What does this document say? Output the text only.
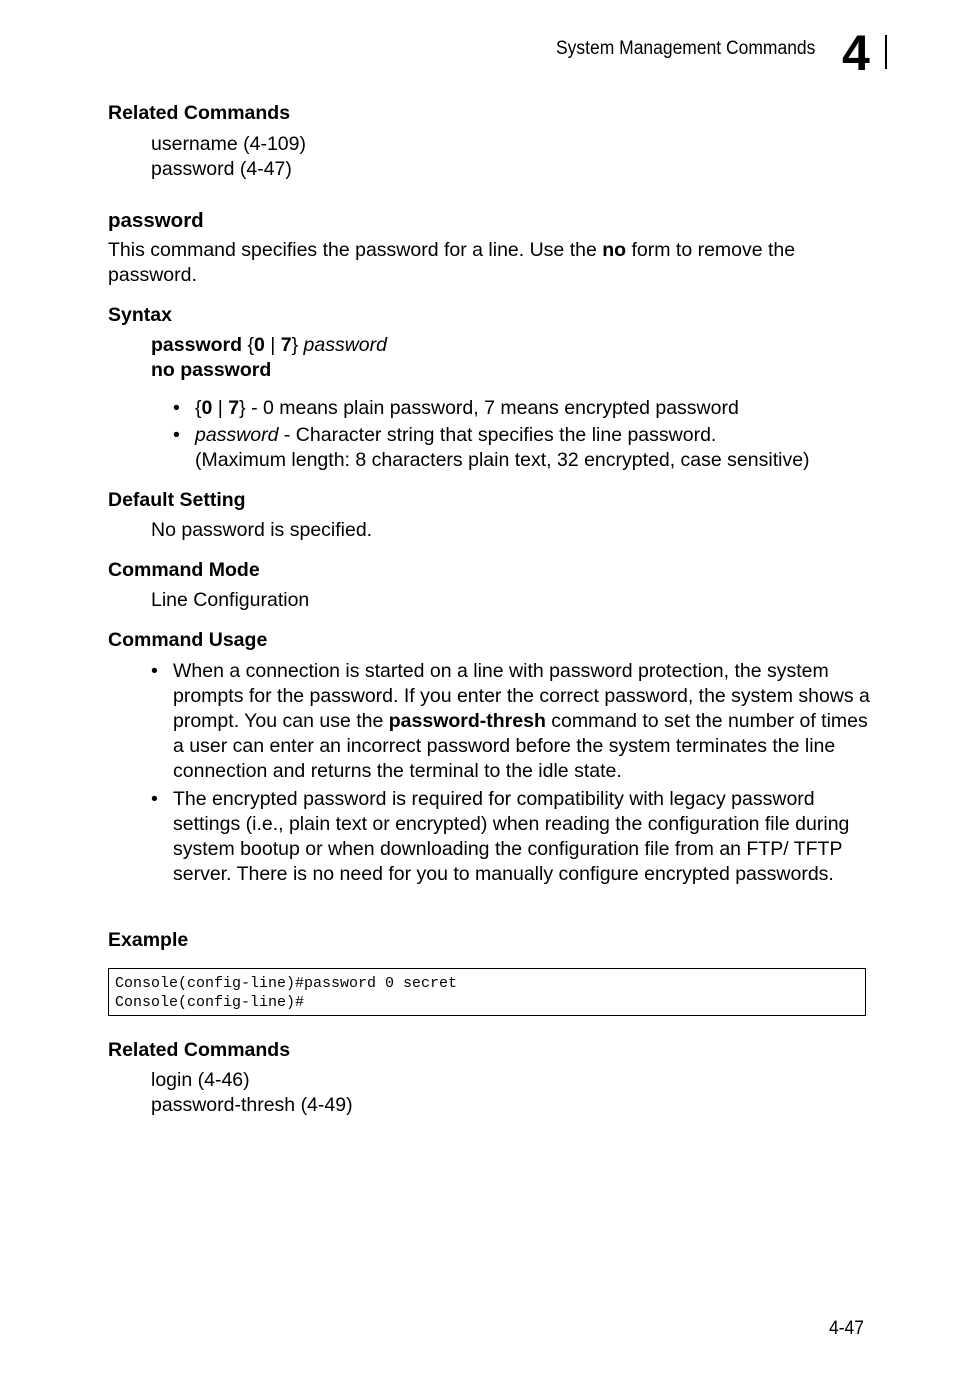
System Management Commands 4
Related Commands
username (4-109)
password (4-47)
password
This command specifies the password for a line. Use the no form to remove the password.
Syntax
password {0 | 7} password
no password
• {0 | 7} - 0 means plain password, 7 means encrypted password
• password - Character string that specifies the line password.
(Maximum length: 8 characters plain text, 32 encrypted, case sensitive)
Default Setting
No password is specified.
Command Mode
Line Configuration
Command Usage
• When a connection is started on a line with password protection, the system prompts for the password. If you enter the correct password, the system shows a prompt. You can use the password-thresh command to set the number of times a user can enter an incorrect password before the system terminates the line connection and returns the terminal to the idle state.
• The encrypted password is required for compatibility with legacy password settings (i.e., plain text or encrypted) when reading the configuration file during system bootup or when downloading the configuration file from an FTP/ TFTP server. There is no need for you to manually configure encrypted passwords.
Example
Console(config-line)#password 0 secret
Console(config-line)#
Related Commands
login (4-46)
password-thresh (4-49)
4-47
